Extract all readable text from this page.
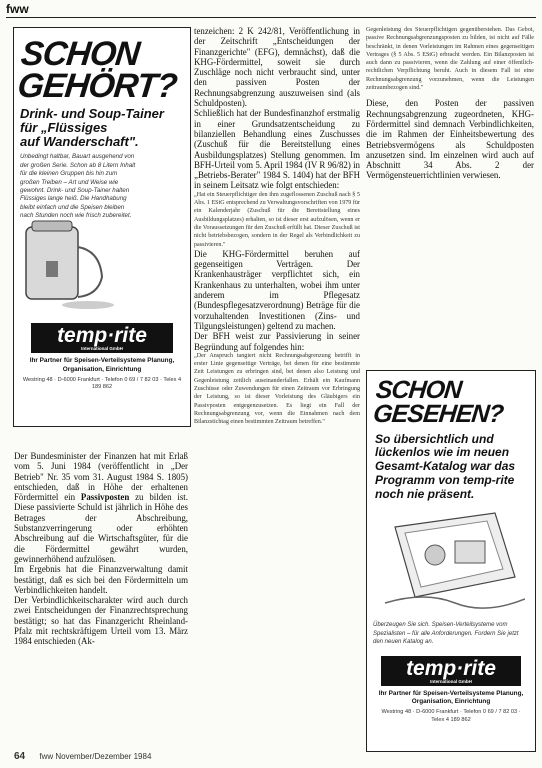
fww
SCHON
GEHÖRT?
Drink- und Soup-Tainer
für „Flüssiges
auf Wanderschaft".
Unbedingt haltbar, Bauart ausgehend von der großen Serie. Schon ab 8 Litern Inhalt für die kleinen Gruppen bis hin zum großen Treiben – Art und Weise wie gewohnt. Drink- und Soup-Tainer halten Flüssiges lange heiß. Die Handhabung bleibt einfach und die Speisen bleiben nach Stunden noch wie frisch zubereitet.
temp·rite
International GmbH
Ihr Partner für Speisen-Verteilsysteme Planung, Organisation, Einrichtung
Westring 48 · D-6000 Frankfurt · Telefon 0 69 / 7 82 03 · Telex 4 189 862

Der Bundesminister der Finanzen hat mit Erlaß vom 5. Juni 1984 (veröffentlicht in „Der Betrieb" Nr. 35 vom 31. August 1984 S. 1805) entschieden, daß in Höhe der erhaltenen Fördermittel ein Passivposten zu bilden ist. Diese passivierte Schuld ist jährlich in Höhe des Betrages der Abschreibung, Substanzverringerung oder erhöhten Abschreibung auf die Wirtschaftsgüter, für die die Fördermittel gewährt wurden, gewinnerhöhend aufzulösen.

Im Ergebnis hat die Finanzverwaltung damit bestätigt, daß es sich bei den Fördermitteln um Verbindlichkeiten handelt.

Der Verbindlichkeitscharakter wird auch durch zwei Entscheidungen der Finanzrechtsprechung bestätigt; so hat das Finanzgericht Rheinland-Pfalz mit rechtskräftigem Urteil vom 13. März 1984 entschieden (Ak-

tenzeichen: 2 K 242/81, Veröffentlichung in der Zeitschrift „Entscheidungen der Finanzgerichte" (EFG), demnächst), daß die KHG-Fördermittel, soweit sie durch Zuschläge noch nicht verbraucht sind, unter den passiven Posten der Rechnungsabgrenzung auszuweisen sind (als Schuldposten).

Schließlich hat der Bundesfinanzhof erstmalig in einer Grundsatzentscheidung zu bilanziellen Behandlung eines Zuschusses (Zuschuß für die Bereitstellung eines Ausbildungsplatzes) Stellung genommen. Im BFH-Urteil vom 5. April 1984 (IV R 96/82) in „Betriebs-Berater" 1984 S. 1404) hat der BFH in seinem Leitsatz wie folgt entschieden:

„Hat ein Steuerpflichtiger den ihm zugeflossenen Zuschuß nach § 5 Abs. 1 EStG entsprechend zu Verwaltungsvorschriften von 1979 für ein Kalenderjahr (Zuschuß für die Bereitstellung eines Ausbildungsplatzes) erhalten, so ist dieser erst aufzulösen, wenn er die Voraussetzungen für den Zuschuß erfüllt hat. Dieser Zuschuß ist nicht betriebsbezogen, sondern in der Regel als Verbindlichkeit zu passivieren."

Die KHG-Fördermittel beruhen auf gegenseitigen Verträgen. Der Krankenhausträger verpflichtet sich, ein Krankenhaus zu unterhalten, wobei ihm unter anderem im Pflegesatz (Bundespflegesatzverordnung) Beträge für die vorzuhaltenden Investitionen (Zins- und Tilgungsleistungen) geltend zu machen.

Der BFH weist zur Passivierung in seiner Begründung auf folgendes hin:

„Der Anspruch tangiert nicht Rechnungsabgrenzung betrifft in erster Linie gegenseitige Verträge, bei denen für eine bestimmte Zeit Leistungen zu erbringen sind, bei denen also Leistung und Gegenleistung zeitlich auseinanderfallen. Erhält ein Kaufmann Zuschüsse oder Zuwendungen für einen Zeitraum vor Erbringung der Leistung, so ist dieser Vorleistung des Gläubigers ein Passivposten entgegenzusetzen. Es liegt ein Fall der Rechnungsabgrenzung vor, wenn die Einnahmen nach dem Bilanzstichtag einen bestimmten Zeitraum betreffen."

Gegenleistung des Steuerpflichtigen gegenüberstehen. Das Gebot, passive Rechnungsabgrenzungsposten zu bilden, ist nicht auf Fälle beschränkt, in denen Vorleistungen im Rahmen eines gegenseitigen Vertrages (§ 5 Abs. 5 EStG) erbracht werden. Ein Bilanzposten ist auch dann zu passivieren, wenn die Zahlung auf einer öffentlich-rechtlichen Verpflichtung beruht. Auch in diesem Fall ist eine Rechnungsabgrenzung vorzunehmen, wenn die Leistungen zeitraumbezogen sind."

Diese, den Posten der passiven Rechnungsabgrenzung zugeordneten, KHG-Fördermittel sind demnach Verbindlichkeiten, die im Rahmen der Einheitsbewertung des Betriebsvermögens als Schuldposten anzusetzen sind. Im einzelnen wird auch auf Abschnitt 34 Abs. 2 der Vermögensteuerrichtlinien verwiesen.

SCHON
GESEHEN?
So übersichtlich und
lückenlos wie im neuen
Gesamt-Katalog war das
Programm von temp-rite
noch nie präsent.
Überzeugen Sie sich. Speisen-Verteilsysteme vom Spezialisten – für alle Anforderungen. Fordern Sie jetzt den neuen Katalog an.
temp·rite
International GmbH
Ihr Partner für Speisen-Verteilsysteme Planung, Organisation, Einrichtung
Westring 48 · D-6000 Frankfurt · Telefon 0 69 / 7 82 03 · Telex 4 189 862
64 fww November/Dezember 1984
